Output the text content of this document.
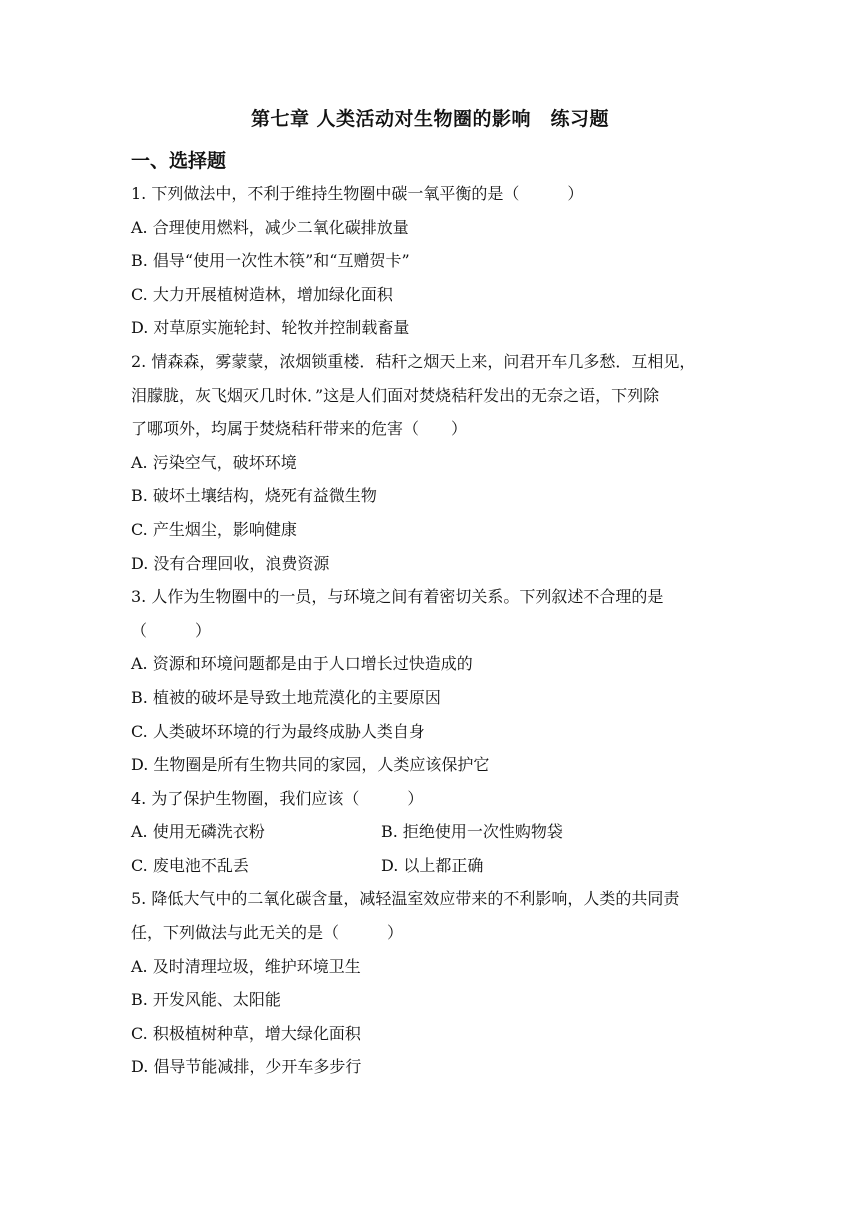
第七章 人类活动对生物圈的影响　练习题
一、选择题
1. 下列做法中，不利于维持生物圈中碳一氧平衡的是（　　　）
A. 合理使用燃料，减少二氧化碳排放量
B. 倡导“使用一次性木筷”和“互赠贺卡”
C. 大力开展植树造林，增加绿化面积
D. 对草原实施轮封、轮牧并控制载畜量
2. 情森森，雾蒙蒙，浓烟锁重楼．秸秆之烟天上来，问君开车几多愁．互相见，
泪朦胧，灰飞烟灭几时休．”这是人们面对焚烧秸秆发出的无奈之语，下列除
了哪项外，均属于焚烧秸秆带来的危害（　　）
A. 污染空气，破坏环境
B. 破坏土壤结构，烧死有益微生物
C. 产生烟尘，影响健康
D. 没有合理回收，浪费资源
3. 人作为生物圈中的一员，与环境之间有着密切关系。下列叙述不合理的是
（　　　）
A. 资源和环境问题都是由于人口增长过快造成的
B. 植被的破坏是导致土地荒漠化的主要原因
C. 人类破坏环境的行为最终成胁人类自身
D. 生物圈是所有生物共同的家园，人类应该保护它
4. 为了保护生物圈，我们应该（　　　）
A. 使用无磷洗衣粉	B. 拒绝使用一次性购物袋
C. 废电池不乱丢	D. 以上都正确
5. 降低大气中的二氧化碳含量，减轻温室效应带来的不利影响，人类的共同责
任，下列做法与此无关的是（　　　）
A. 及时清理垃圾，维护环境卫生
B. 开发风能、太阳能
C. 积极植树种草，增大绿化面积
D. 倡导节能减排，少开车多步行
